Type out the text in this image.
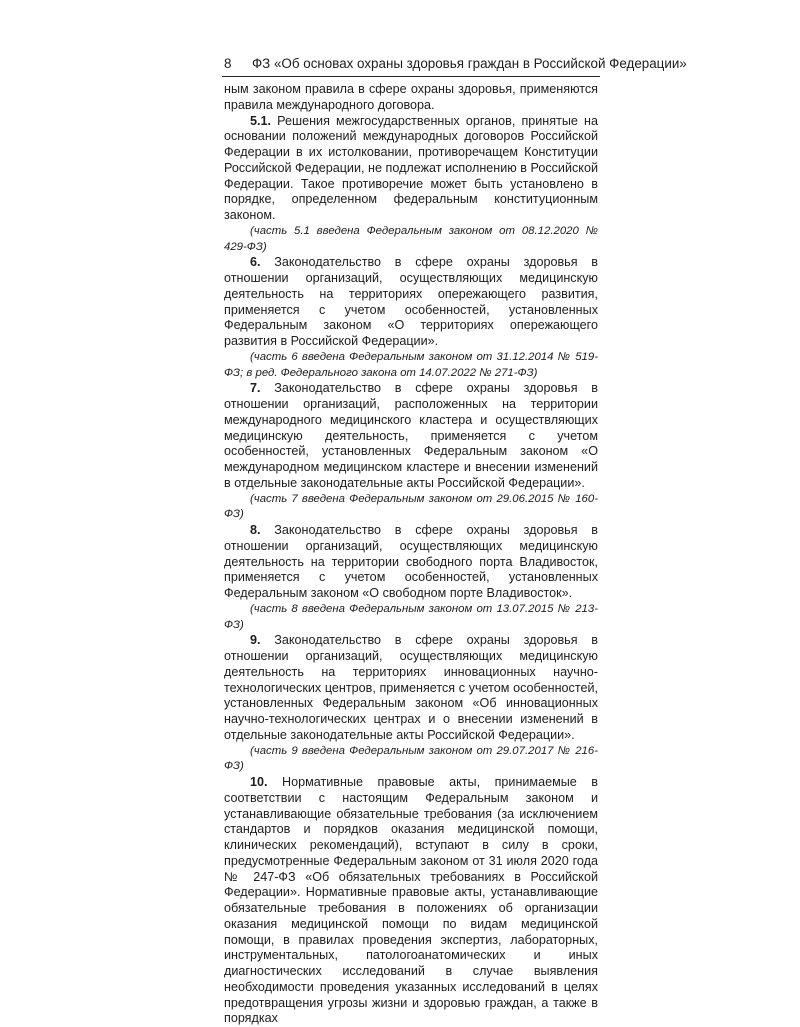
8 ФЗ «Об основах охраны здоровья граждан в Российской Федерации»

ным законом правила в сфере охраны здоровья, применяются правила международного договора.

5.1. Решения межгосударственных органов, принятые на основании положений международных договоров Российской Федерации в их истолковании, противоречащем Конституции Российской Федерации, не подлежат исполнению в Российской Федерации. Такое противоречие может быть установлено в порядке, определенном федеральным конституционным законом.

(часть 5.1 введена Федеральным законом от 08.12.2020 № 429-ФЗ)

6. Законодательство в сфере охраны здоровья в отношении организаций, осуществляющих медицинскую деятельность на территориях опережающего развития, применяется с учетом особенностей, установленных Федеральным законом «О территориях опережающего развития в Российской Федерации».

(часть 6 введена Федеральным законом от 31.12.2014 № 519-ФЗ; в ред. Федерального закона от 14.07.2022 № 271-ФЗ)

7. Законодательство в сфере охраны здоровья в отношении организаций, расположенных на территории международного медицинского кластера и осуществляющих медицинскую деятельность, применяется с учетом особенностей, установленных Федеральным законом «О международном медицинском кластере и внесении изменений в отдельные законодательные акты Российской Федерации».

(часть 7 введена Федеральным законом от 29.06.2015 № 160-ФЗ)

8. Законодательство в сфере охраны здоровья в отношении организаций, осуществляющих медицинскую деятельность на территории свободного порта Владивосток, применяется с учетом особенностей, установленных Федеральным законом «О свободном порте Владивосток».

(часть 8 введена Федеральным законом от 13.07.2015 № 213-ФЗ)

9. Законодательство в сфере охраны здоровья в отношении организаций, осуществляющих медицинскую деятельность на территориях инновационных научно-технологических центров, применяется с учетом особенностей, установленных Федеральным законом «Об инновационных научно-технологических центрах и о внесении изменений в отдельные законодательные акты Российской Федерации».

(часть 9 введена Федеральным законом от 29.07.2017 № 216-ФЗ)

10. Нормативные правовые акты, принимаемые в соответствии с настоящим Федеральным законом и устанавливающие обязательные требования (за исключением стандартов и порядков оказания медицинской помощи, клинических рекомендаций), вступают в силу в сроки, предусмотренные Федеральным законом от 31 июля 2020 года № 247-ФЗ «Об обязательных требованиях в Российской Федерации». Нормативные правовые акты, устанавливающие обязательные требования в положениях об организации оказания медицинской помощи по видам медицинской помощи, в правилах проведения экспертиз, лабораторных, инструментальных, патологоанатомических и иных диагностических исследований в случае выявления необходимости проведения указанных исследований в целях предотвращения угрозы жизни и здоровью граждан, а также в порядках
